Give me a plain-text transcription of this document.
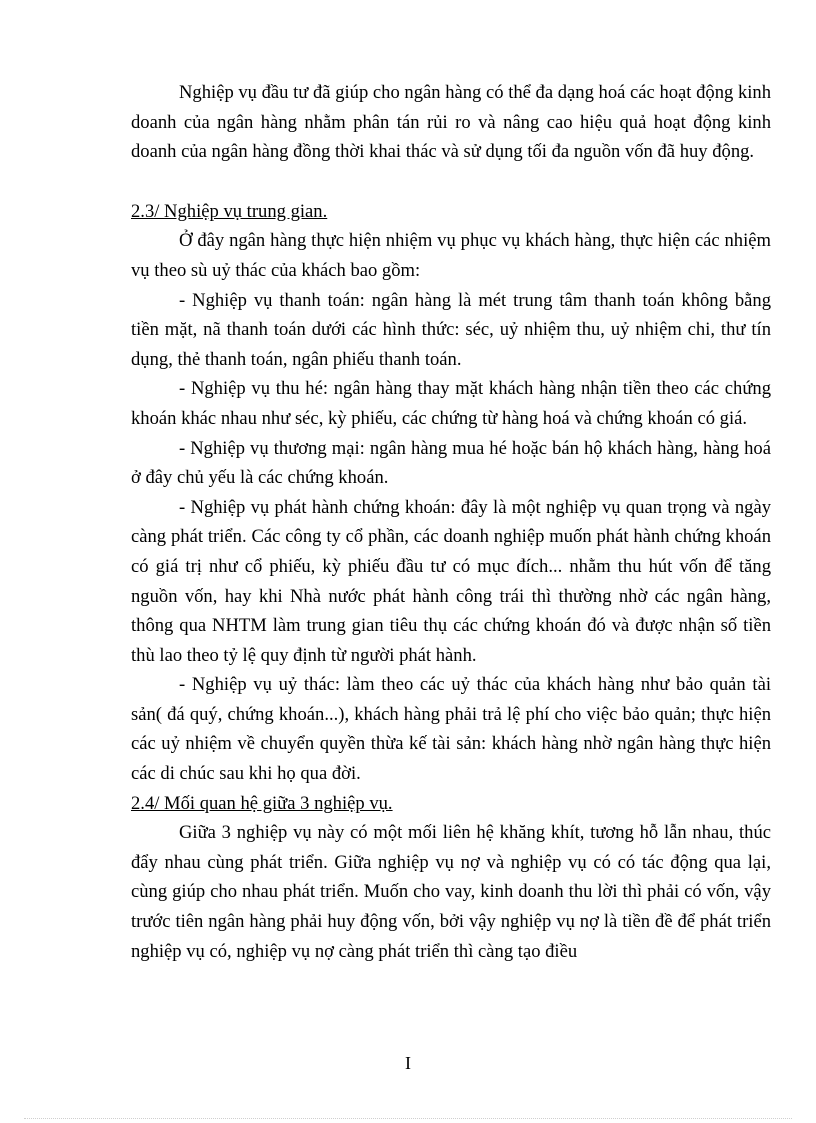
Nghiệp vụ đầu tư đã giúp cho ngân hàng có thể đa dạng hoá các hoạt động kinh doanh của ngân hàng nhằm phân tán rủi ro và nâng cao hiệu quả hoạt động kinh doanh của ngân hàng đồng thời khai thác và sử dụng tối đa nguồn vốn đã huy động.

2.3/ Nghiệp vụ trung gian.

Ở đây ngân hàng thực hiện nhiệm vụ phục vụ khách hàng, thực hiện các nhiệm vụ theo sù uỷ thác của khách bao gồm:

- Nghiệp vụ thanh toán: ngân hàng là mét trung tâm thanh toán không bằng tiền mặt, nã thanh toán dưới các hình thức: séc, uỷ nhiệm thu, uỷ nhiệm chi, thư tín dụng, thẻ thanh toán, ngân phiếu thanh toán.

- Nghiệp vụ thu hé: ngân hàng thay mặt khách hàng nhận tiền theo các chứng khoán khác nhau như séc, kỳ phiếu, các chứng từ hàng hoá và chứng khoán có giá.

- Nghiệp vụ thương mại: ngân hàng mua hé hoặc bán hộ khách hàng, hàng hoá ở đây chủ yếu là các chứng khoán.

- Nghiệp vụ phát hành chứng khoán: đây là một nghiệp vụ quan trọng và ngày càng phát triển. Các công ty cổ phần, các doanh nghiệp muốn phát hành chứng khoán có giá trị như cổ phiếu, kỳ phiếu đầu tư có mục đích... nhằm thu hút vốn để tăng nguồn vốn, hay khi Nhà nước phát hành công trái thì thường nhờ các ngân hàng, thông qua NHTM làm trung gian tiêu thụ các chứng khoán đó và được nhận số tiền thù lao theo tỷ lệ quy định từ người phát hành.

- Nghiệp vụ uỷ thác: làm theo các uỷ thác của khách hàng như bảo quản tài sản( đá quý, chứng khoán...), khách hàng phải trả lệ phí cho việc bảo quản; thực hiện các uỷ nhiệm về chuyển quyền thừa kế tài sản: khách hàng nhờ ngân hàng thực hiện các di chúc sau khi họ qua đời.

2.4/ Mối quan hệ giữa 3 nghiệp vụ.

Giữa 3 nghiệp vụ này có một mối liên hệ khăng khít, tương hỗ lẫn nhau, thúc đẩy nhau cùng phát triển. Giữa nghiệp vụ nợ và nghiệp vụ có có tác động qua lại, cùng giúp cho nhau phát triển. Muốn cho vay, kinh doanh thu lời thì phải có vốn, vậy trước tiên ngân hàng phải huy động vốn, bởi vậy nghiệp vụ nợ là tiền đề để phát triển nghiệp vụ có, nghiệp vụ nợ càng phát triển thì càng tạo điều

I
